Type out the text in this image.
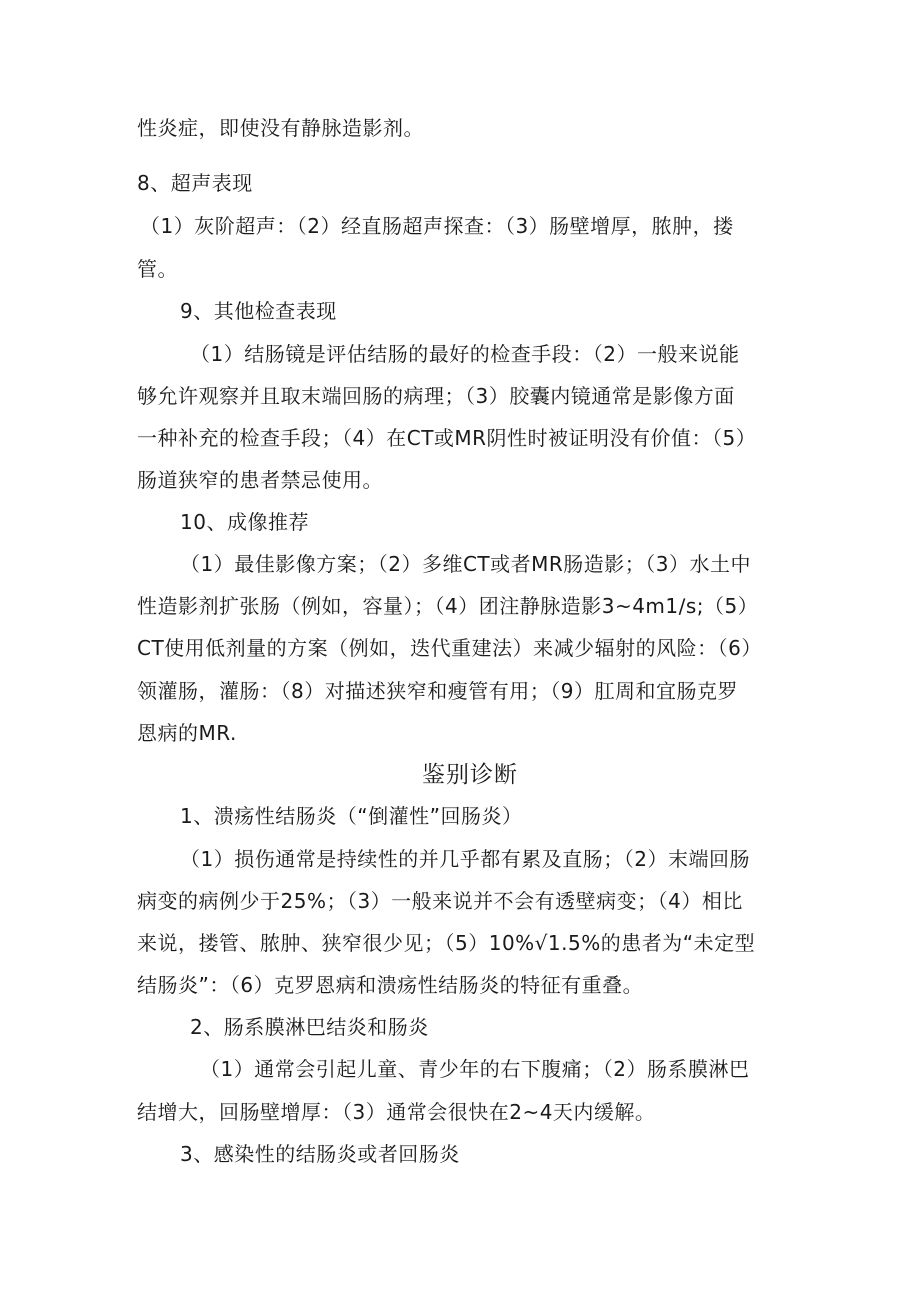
性炎症，即使没有静脉造影剂。
8、超声表现
（1）灰阶超声：（2）经直肠超声探查：（3）肠壁增厚，脓肿，搂
管。
9、其他检查表现
（1）结肠镜是评估结肠的最好的检查手段：（2）一般来说能
够允许观察并且取末端回肠的病理；（3）胶囊内镜通常是影像方面
一种补充的检查手段；（4）在CT或MR阴性时被证明没有价值：（5）
肠道狭窄的患者禁忌使用。
10、成像推荐
（1）最佳影像方案；（2）多维CT或者MR肠造影；（3）水土中
性造影剂扩张肠（例如，容量）；（4）团注静脉造影3~4m1∕s;（5）
CT使用低剂量的方案（例如，迭代重建法）来减少辐射的风险：（6）
领灌肠，灌肠：（8）对描述狭窄和瘦管有用；（9）肛周和宜肠克罗
恩病的MR.
鉴别诊断
1、溃疡性结肠炎（“倒灌性”回肠炎）
（1）损伤通常是持续性的并几乎都有累及直肠；（2）末端回肠
病变的病例少于25%；（3）一般来说并不会有透壁病变；（4）相比
来说，搂管、脓肿、狭窄很少见；（5）10%√1.5%的患者为“未定型
结肠炎”：（6）克罗恩病和溃疡性结肠炎的特征有重叠。
2、肠系膜淋巴结炎和肠炎
（1）通常会引起儿童、青少年的右下腹痛；（2）肠系膜淋巴
结增大，回肠壁增厚：（3）通常会很快在2~4天内缓解。
3、感染性的结肠炎或者回肠炎
